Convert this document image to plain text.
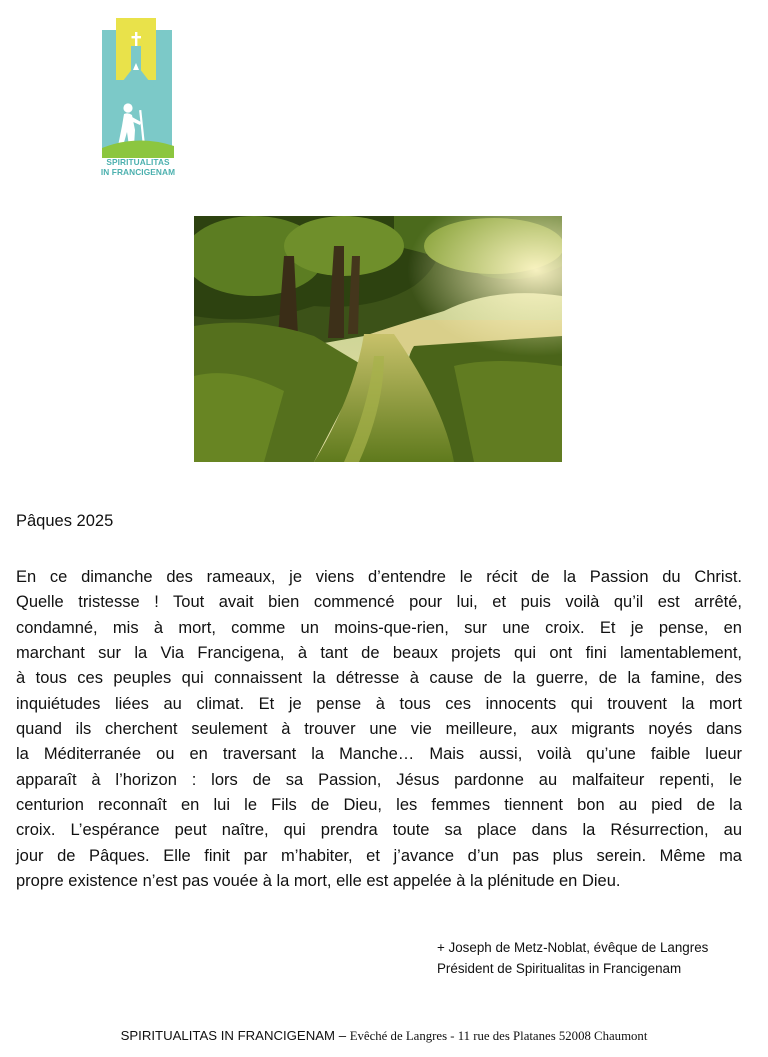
SPIRITUALITAS
IN FRANCIGENAM
Pâques 2025
En ce dimanche des rameaux, je viens d’entendre le récit de la Passion du Christ.
Quelle tristesse ! Tout avait bien commencé pour lui, et puis voilà qu’il est arrêté,
condamné, mis à mort, comme un moins-que-rien, sur une croix. Et je pense, en
marchant sur la Via Francigena, à tant de beaux projets qui ont fini lamentablement,
à tous ces peuples qui connaissent la détresse à cause de la guerre, de la famine, des
inquiétudes liées au climat. Et je pense à tous ces innocents qui trouvent la mort
quand ils cherchent seulement à trouver une vie meilleure, aux migrants noyés dans
la Méditerranée ou en traversant la Manche… Mais aussi, voilà qu’une faible lueur
apparaît à l’horizon : lors de sa Passion, Jésus pardonne au malfaiteur repenti, le
centurion reconnaît en lui le Fils de Dieu, les femmes tiennent bon au pied de la
croix. L’espérance peut naître, qui prendra toute sa place dans la Résurrection, au
jour de Pâques. Elle finit par m’habiter, et j’avance d’un pas plus serein. Même ma
propre existence n’est pas vouée à la mort, elle est appelée à la plénitude en Dieu.
+ Joseph de Metz-Noblat, évêque de Langres
Président de Spiritualitas in Francigenam
SPIRITUALITAS IN FRANCIGENAM – Evêché de Langres - 11 rue des Platanes 52008 Chaumont
